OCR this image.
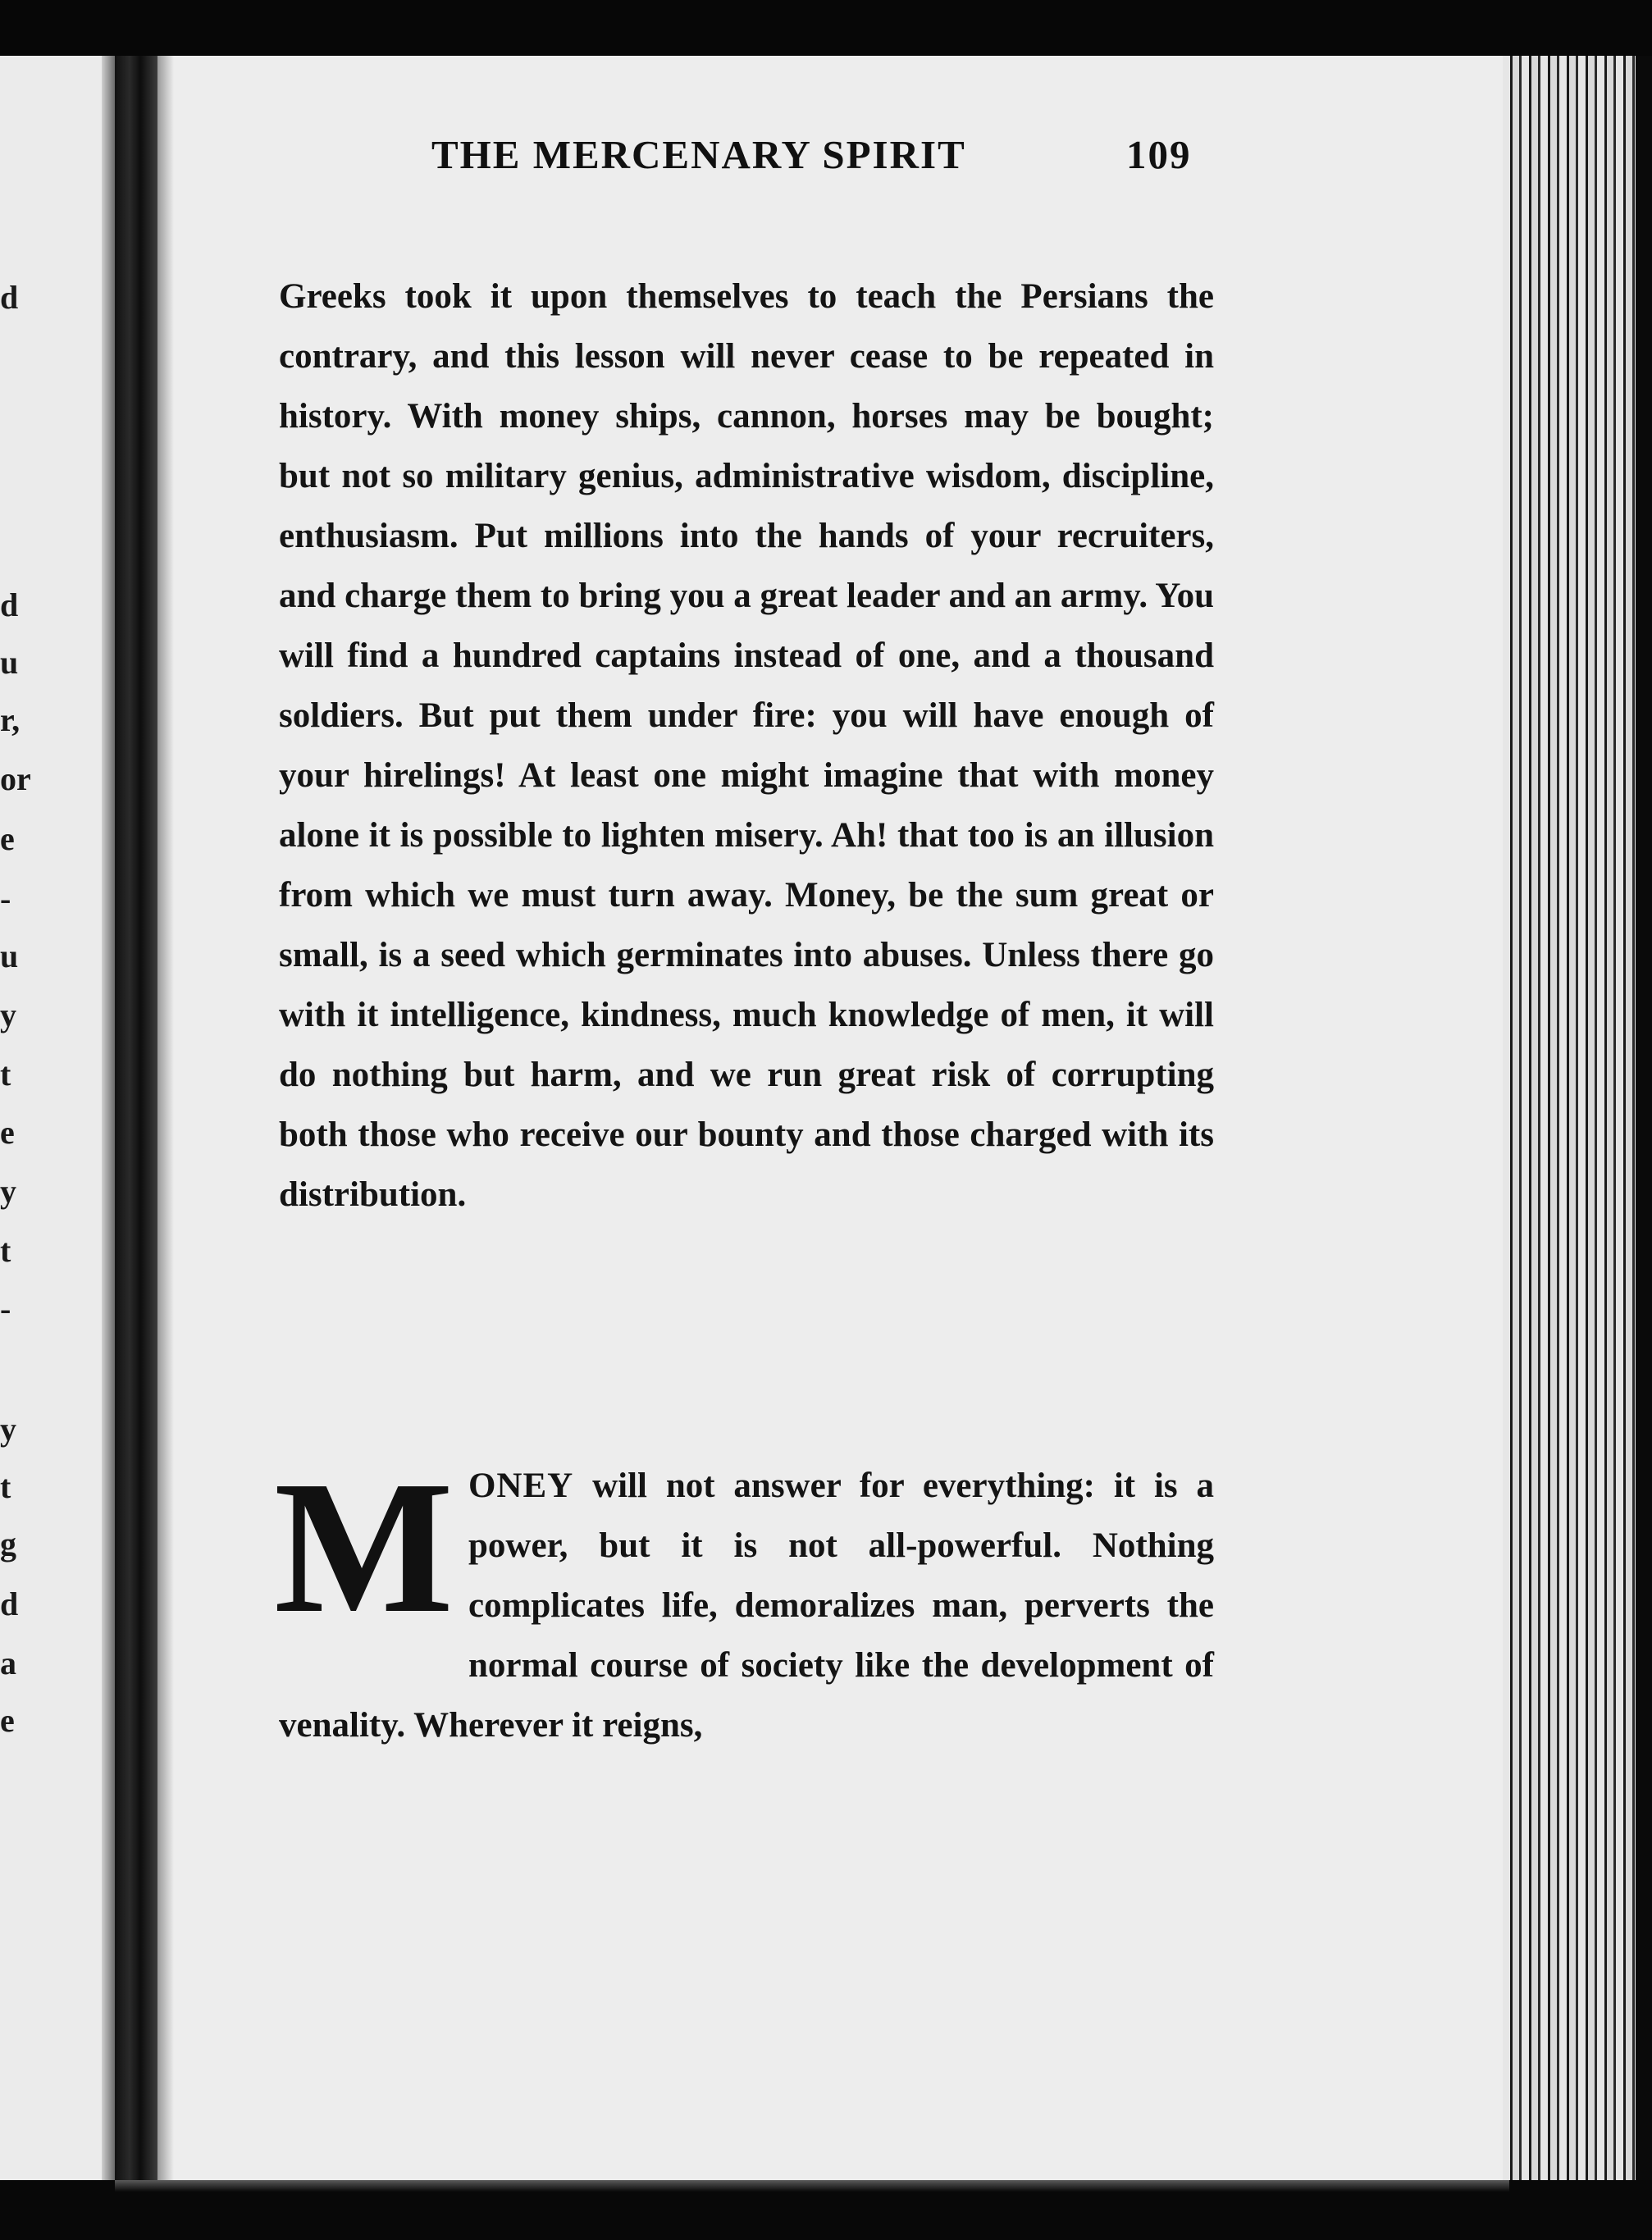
d
d
u
r,
or
e
-
u
y
t
e
y
t
-
y
t
g
d
a
e
THE MERCENARY SPIRIT	109

Greeks took it upon themselves to teach the Persians the contrary, and this lesson will never cease to be repeated in history. With money ships, cannon, horses may be bought; but not so military genius, administrative wisdom, discipline, enthusiasm. Put millions into the hands of your recruiters, and charge them to bring you a great leader and an army. You will find a hundred captains instead of one, and a thousand soldiers. But put them under fire: you will have enough of your hirelings! At least one might imagine that with money alone it is possible to lighten misery. Ah! that too is an illusion from which we must turn away. Money, be the sum great or small, is a seed which germinates into abuses. Unless there go with it intelligence, kindness, much knowledge of men, it will do nothing but harm, and we run great risk of corrupting both those who receive our bounty and those charged with its distribution.

MONEY will not answer for everything: it is a power, but it is not all-powerful. Nothing complicates life, demoralizes man, perverts the normal course of society like the development of venality. Wherever it reigns,
